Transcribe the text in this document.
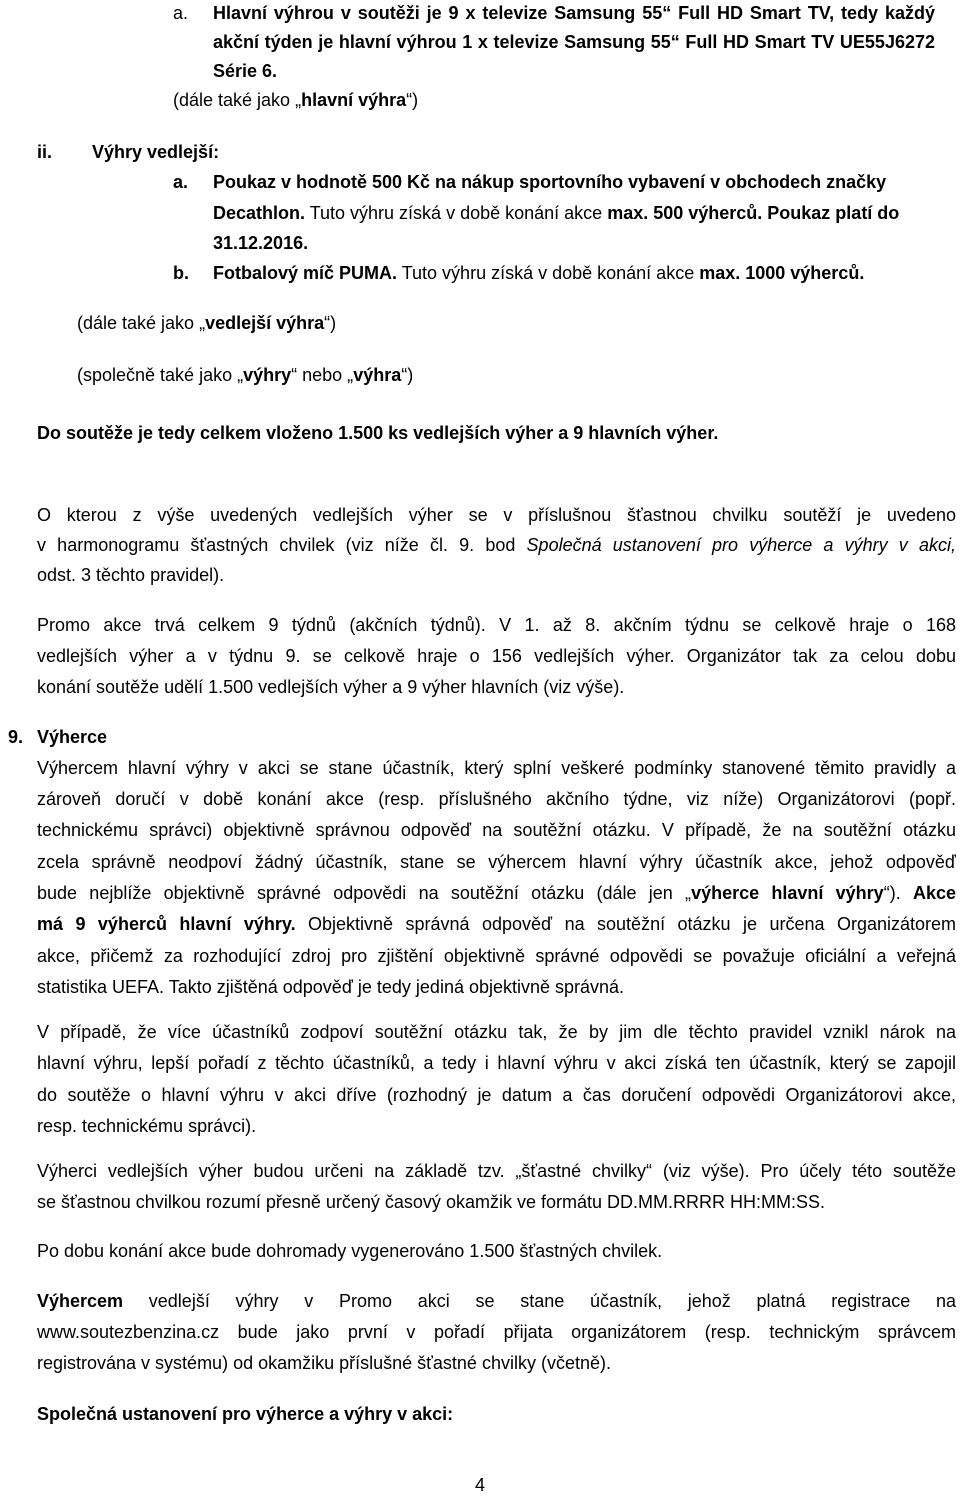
a. Hlavní výhrou v soutěži je 9 x televize Samsung 55“ Full HD Smart TV, tedy každý
akční týden je hlavní výhrou 1 x televize Samsung 55“ Full HD Smart TV UE55J6272
Série 6.
(dále také jako „hlavní výhra“)
ii. Výhry vedlejší:
a. Poukaz v hodnotě 500 Kč na nákup sportovního vybavení v obchodech značky
Decathlon. Tuto výhru získá v době konání akce max. 500 výherců. Poukaz platí do
31.12.2016.
b. Fotbalový míč PUMA. Tuto výhru získá v době konání akce max. 1000 výherců.
(dále také jako „vedlejší výhra“)
(společně také jako „výhry“ nebo „výhra“)
Do soutěže je tedy celkem vloženo 1.500 ks vedlejších výher a 9 hlavních výher.
O kterou z výše uvedených vedlejších výher se v příslušnou šťastnou chvilku soutěží je uvedeno
v harmonogramu šťastných chvilek (viz níže čl. 9. bod Společná ustanovení pro výherce a výhry v akci,
odst. 3 těchto pravidel).
Promo akce trvá celkem 9 týdnů (akčních týdnů). V 1. až 8. akčním týdnu se celkově hraje o 168
vedlejších výher a v týdnu 9. se celkově hraje o 156 vedlejších výher. Organizátor tak za celou dobu
konání soutěže udělí 1.500 vedlejších výher a 9 výher hlavních (viz výše).
9. Výherce
Výhercem hlavní výhry v akci se stane účastník, který splní veškeré podmínky stanovené těmito pravidly a
zároveň doručí v době konání akce (resp. příslušného akčního týdne, viz níže) Organizátorovi (popř.
technickému správci) objektivně správnou odpověď na soutěžní otázku. V případě, že na soutěžní otázku
zcela správně neodpoví žádný účastník, stane se výhercem hlavní výhry účastník akce, jehož odpověď
bude nejblíže objektivně správné odpovědi na soutěžní otázku (dále jen „výherce hlavní výhry“). Akce
má 9 výherců hlavní výhry. Objektivně správná odpověď na soutěžní otázku je určena Organizátorem
akce, přičemž za rozhodující zdroj pro zjištění objektivně správné odpovědi se považuje oficiální a veřejná
statistika UEFA. Takto zjištěná odpověď je tedy jediná objektivně správná.
V případě, že více účastníků zodpoví soutěžní otázku tak, že by jim dle těchto pravidel vznikl nárok na
hlavní výhru, lepší pořadí z těchto účastníků, a tedy i hlavní výhru v akci získá ten účastník, který se zapojil
do soutěže o hlavní výhru v akci dříve (rozhodný je datum a čas doručení odpovědi Organizátorovi akce,
resp. technickému správci).
Výherci vedlejších výher budou určeni na základě tzv. „šťastné chvilky“ (viz výše). Pro účely této soutěže
se šťastnou chvilkou rozumí přesně určený časový okamžik ve formátu DD.MM.RRRR HH:MM:SS.
Po dobu konání akce bude dohromady vygenerováno 1.500 šťastných chvilek.
Výhercem vedlejší výhry v Promo akci se stane účastník, jehož platná registrace na
www.soutezbenzina.cz bude jako první v pořadí přijata organizátorem (resp. technickým správcem
registrována v systému) od okamžiku příslušné šťastné chvilky (včetně).
Společná ustanovení pro výherce a výhry v akci:
4
